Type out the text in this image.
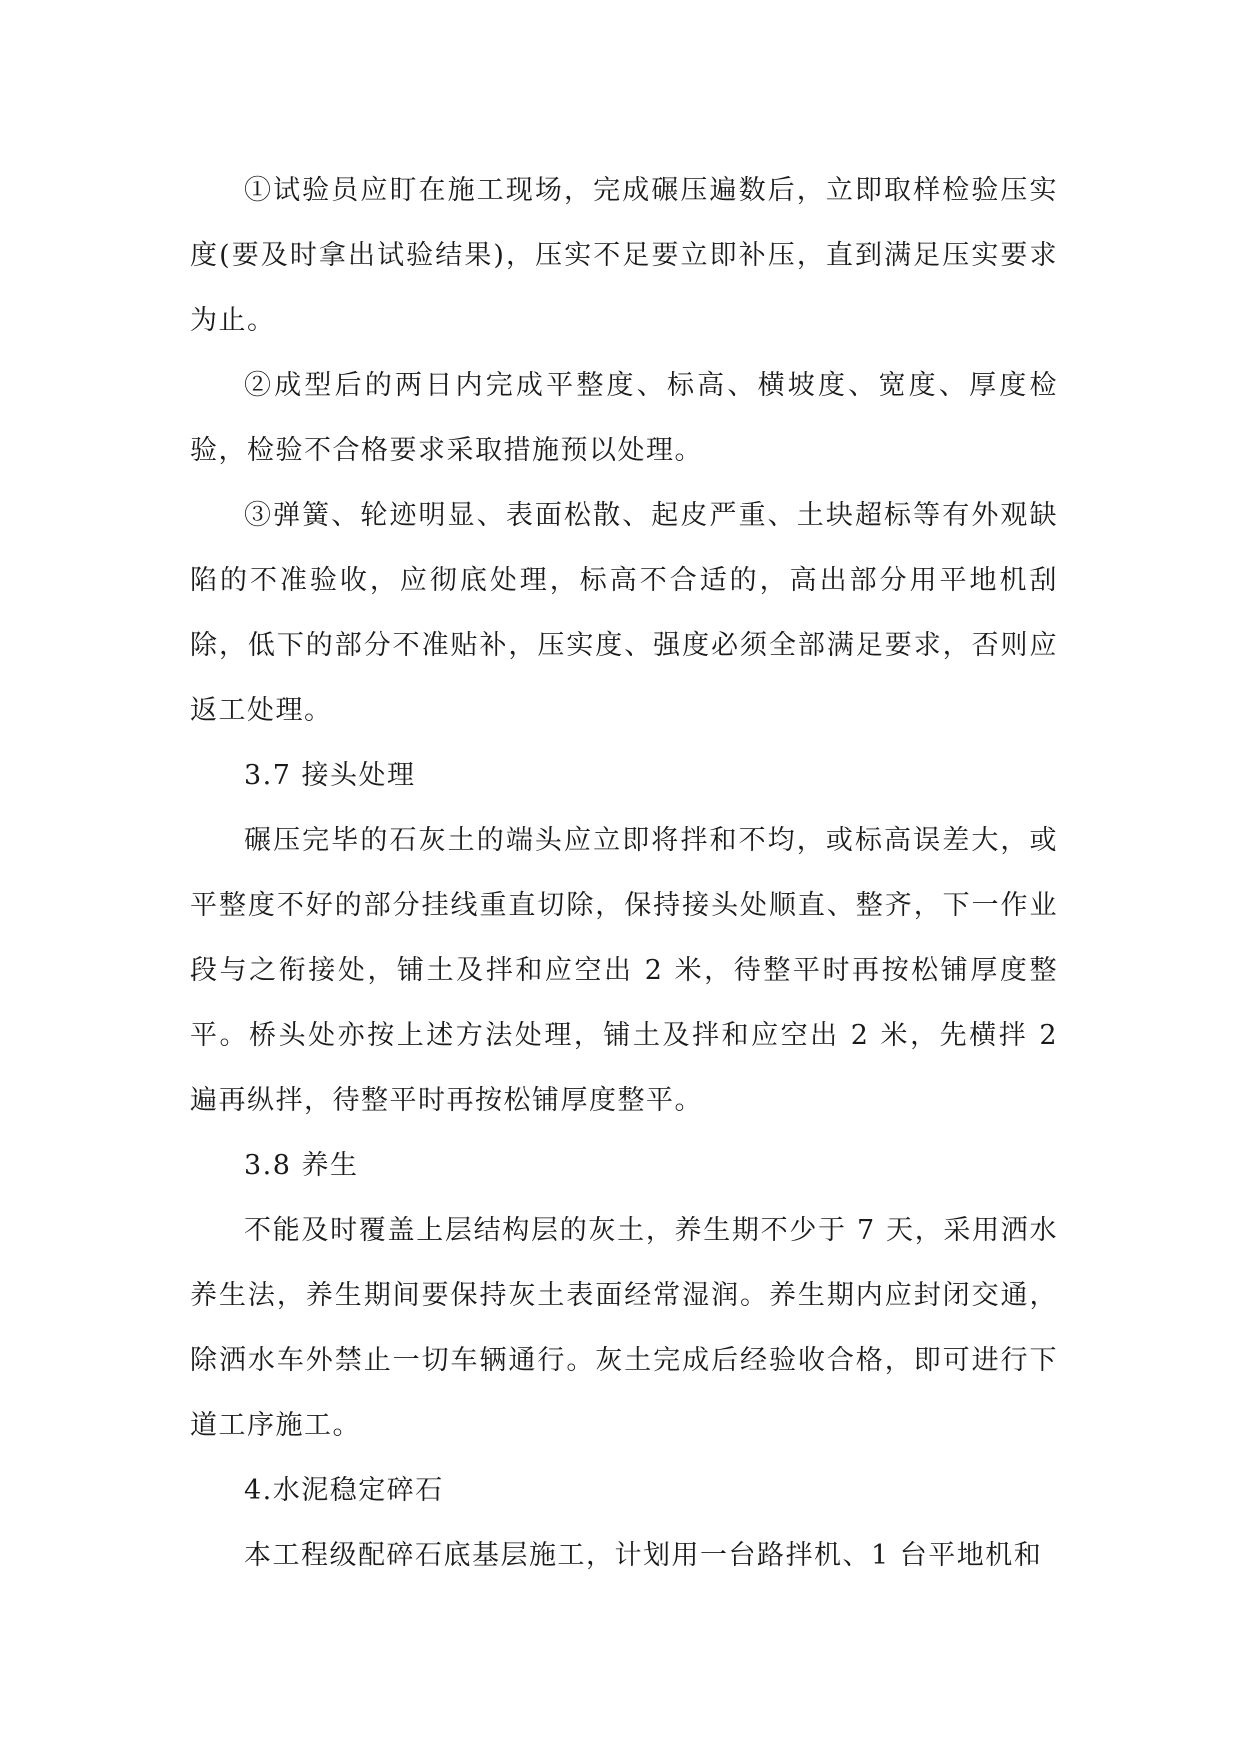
①试验员应盯在施工现场，完成碾压遍数后，立即取样检验压实度(要及时拿出试验结果)，压实不足要立即补压，直到满足压实要求为止。

②成型后的两日内完成平整度、标高、横坡度、宽度、厚度检验，检验不合格要求采取措施预以处理。

③弹簧、轮迹明显、表面松散、起皮严重、土块超标等有外观缺陷的不准验收，应彻底处理，标高不合适的，高出部分用平地机刮除，低下的部分不准贴补，压实度、强度必须全部满足要求，否则应返工处理。

3.7 接头处理

碾压完毕的石灰土的端头应立即将拌和不均，或标高误差大，或平整度不好的部分挂线重直切除，保持接头处顺直、整齐，下一作业段与之衔接处，铺土及拌和应空出 2 米，待整平时再按松铺厚度整平。桥头处亦按上述方法处理，铺土及拌和应空出 2 米，先横拌 2 遍再纵拌，待整平时再按松铺厚度整平。

3.8 养生

不能及时覆盖上层结构层的灰土，养生期不少于 7 天，采用洒水养生法，养生期间要保持灰土表面经常湿润。养生期内应封闭交通，除洒水车外禁止一切车辆通行。灰土完成后经验收合格，即可进行下道工序施工。

4.水泥稳定碎石

本工程级配碎石底基层施工，计划用一台路拌机、1 台平地机和
